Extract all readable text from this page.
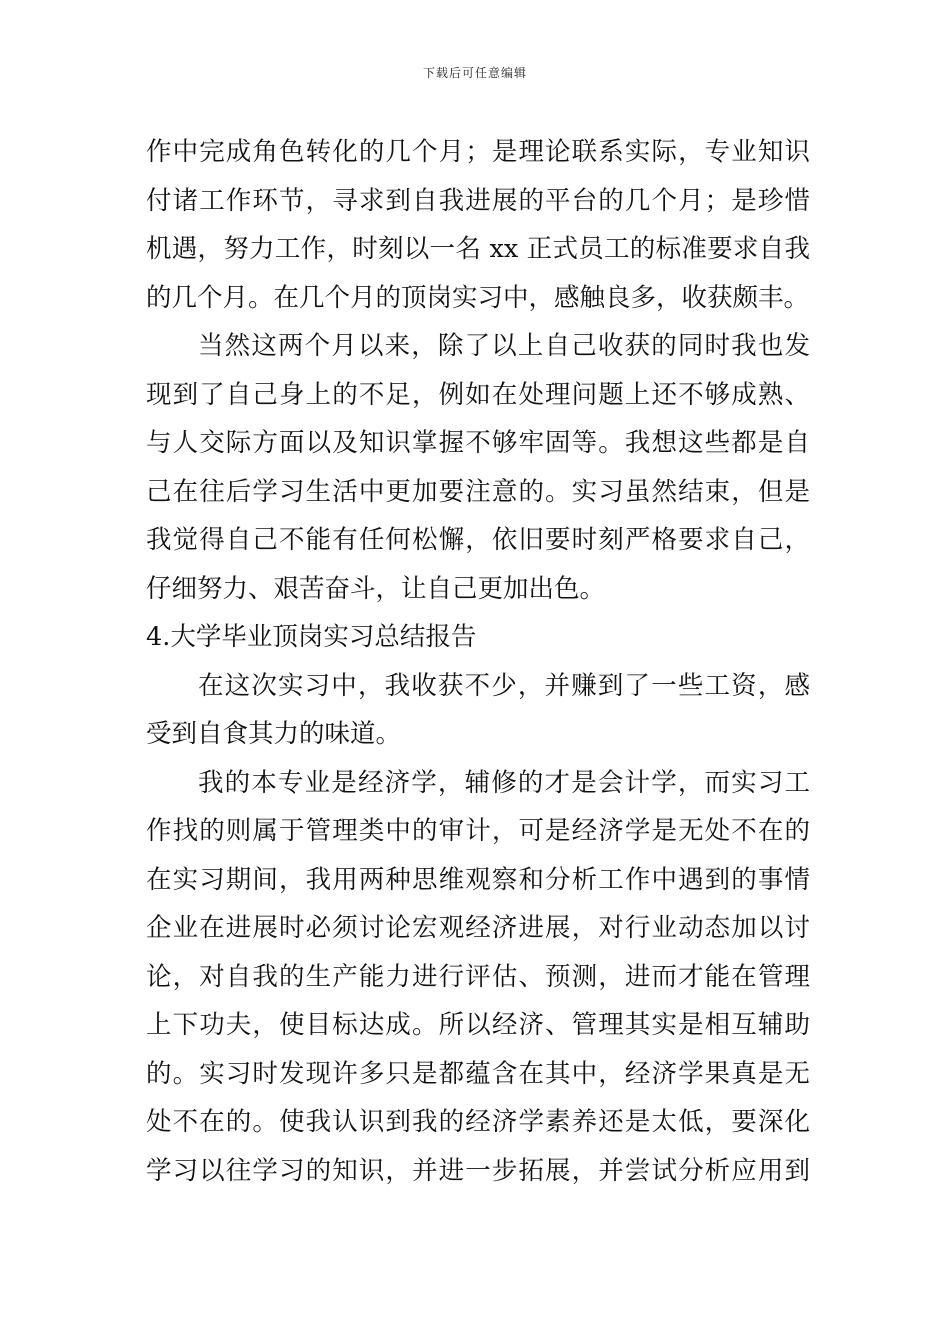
下载后可任意编辑
作中完成角色转化的几个月；是理论联系实际，专业知识
付诸工作环节，寻求到自我进展的平台的几个月；是珍惜
机遇，努力工作，时刻以一名 xx 正式员工的标准要求自我
的几个月。在几个月的顶岗实习中，感触良多，收获颇丰。
当然这两个月以来，除了以上自己收获的同时我也发
现到了自己身上的不足，例如在处理问题上还不够成熟、
与人交际方面以及知识掌握不够牢固等。我想这些都是自
己在往后学习生活中更加要注意的。实习虽然结束，但是
我觉得自己不能有任何松懈，依旧要时刻严格要求自己，
仔细努力、艰苦奋斗，让自己更加出色。
4.大学毕业顶岗实习总结报告
在这次实习中，我收获不少，并赚到了一些工资，感
受到自食其力的味道。
我的本专业是经济学，辅修的才是会计学，而实习工
作找的则属于管理类中的审计，可是经济学是无处不在的
在实习期间，我用两种思维观察和分析工作中遇到的事情
企业在进展时必须讨论宏观经济进展，对行业动态加以讨
论，对自我的生产能力进行评估、预测，进而才能在管理
上下功夫，使目标达成。所以经济、管理其实是相互辅助
的。实习时发现许多只是都蕴含在其中，经济学果真是无
处不在的。使我认识到我的经济学素养还是太低，要深化
学习以往学习的知识，并进一步拓展，并尝试分析应用到
